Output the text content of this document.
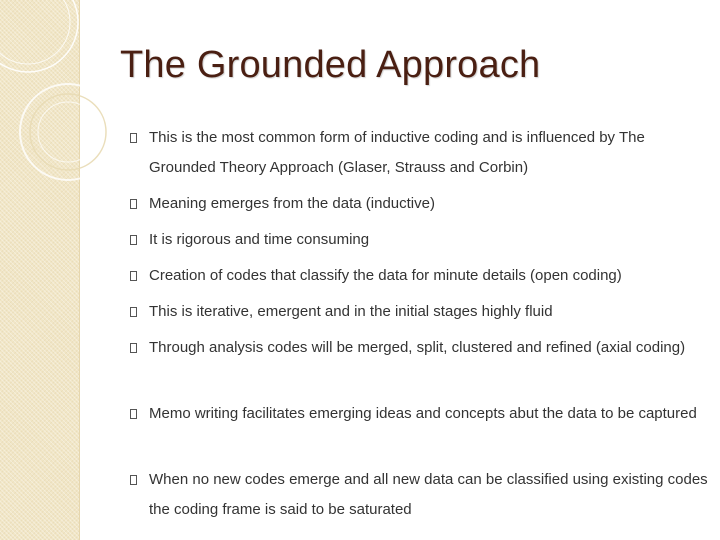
The Grounded Approach
This is the most common form of inductive coding and is influenced by The Grounded Theory Approach (Glaser, Strauss and Corbin)
Meaning emerges from the data (inductive)
It is rigorous and time consuming
Creation of codes that classify the data for minute details (open coding)
This is iterative, emergent and in the initial stages highly fluid
Through analysis codes will be merged, split, clustered and refined (axial coding)
Memo writing facilitates emerging ideas and concepts abut the data to be captured
When no new codes emerge and all new data can be classified using existing codes the coding frame is said to be saturated
